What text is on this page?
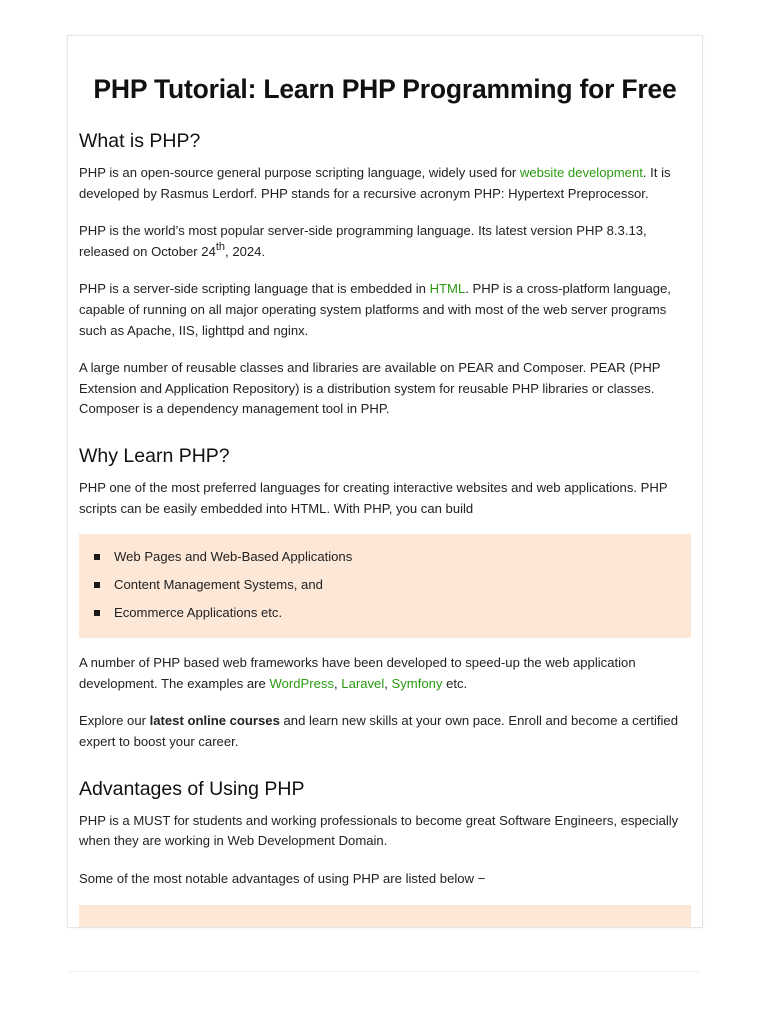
PHP Tutorial: Learn PHP Programming for Free
What is PHP?

PHP is an open-source general purpose scripting language, widely used for website development. It is developed by Rasmus Lerdorf. PHP stands for a recursive acronym PHP: Hypertext Preprocessor.

PHP is the world’s most popular server-side programming language. Its latest version PHP 8.3.13, released on October 24th, 2024.

PHP is a server-side scripting language that is embedded in HTML. PHP is a cross-platform language, capable of running on all major operating system platforms and with most of the web server programs such as Apache, IIS, lighttpd and nginx.

A large number of reusable classes and libraries are available on PEAR and Composer. PEAR (PHP Extension and Application Repository) is a distribution system for reusable PHP libraries or classes. Composer is a dependency management tool in PHP.

Why Learn PHP?

PHP one of the most preferred languages for creating interactive websites and web applications. PHP scripts can be easily embedded into HTML. With PHP, you can build

Web Pages and Web-Based Applications
Content Management Systems, and
Ecommerce Applications etc.

A number of PHP based web frameworks have been developed to speed-up the web application development. The examples are WordPress, Laravel, Symfony etc.

Explore our latest online courses and learn new skills at your own pace. Enroll and become a certified expert to boost your career.

Advantages of Using PHP

PHP is a MUST for students and working professionals to become great Software Engineers, especially when they are working in Web Development Domain.

Some of the most notable advantages of using PHP are listed below −
